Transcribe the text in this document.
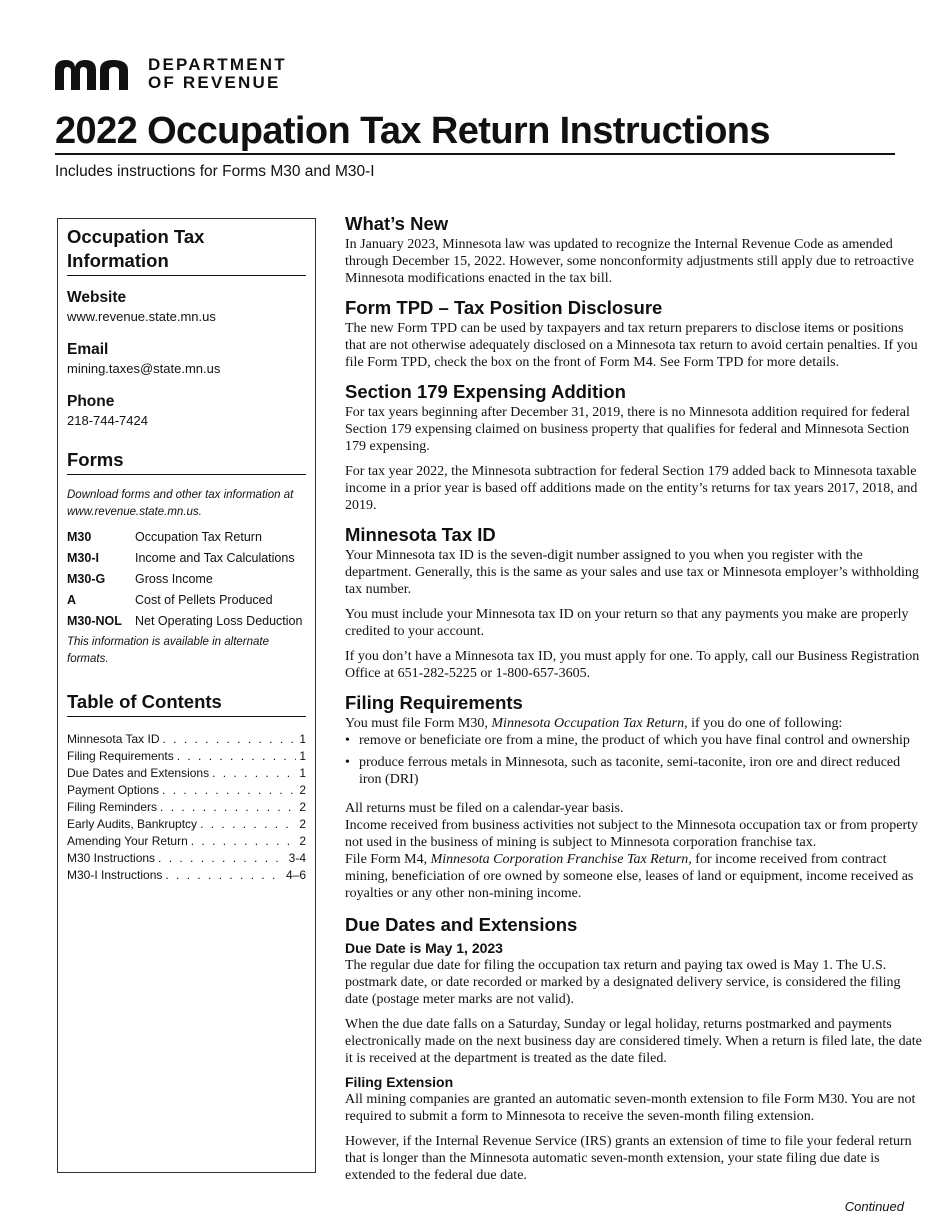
DEPARTMENT
OF REVENUE
2022 Occupation Tax Return Instructions
Includes instructions for Forms M30 and M30-I
Occupation Tax Information
Website
www.revenue.state.mn.us
Email
mining.taxes@state.mn.us
Phone
218-744-7424
Forms
Download forms and other tax information at www.revenue.state.mn.us.
M30	Occupation Tax Return
M30-I	Income and Tax Calculations
M30-G	Gross Income
A	Cost of Pellets Produced
M30-NOL	Net Operating Loss Deduction
This information is available in alternate formats.
Table of Contents
Minnesota Tax ID . . .	1
Filing Requirements . . .	1
Due Dates and Extensions . . .	1
Payment Options . . .	2
Filing Reminders . . .	2
Early Audits, Bankruptcy . . .	2
Amending Your Return . . .	2
M30 Instructions . . .	3-4
M30-I Instructions . . .	4–6
What’s New

In January 2023, Minnesota law was updated to recognize the Internal Revenue Code as amended through December 15, 2022. However, some nonconformity adjustments still apply due to retroactive Minnesota modifications enacted in the tax bill.

Form TPD – Tax Position Disclosure

The new Form TPD can be used by taxpayers and tax return preparers to disclose items or positions that are not otherwise adequately disclosed on a Minnesota tax return to avoid certain penalties. If you file Form TPD, check the box on the front of Form M4. See Form TPD for more details.

Section 179 Expensing Addition

For tax years beginning after December 31, 2019, there is no Minnesota addition required for federal Section 179 expensing claimed on business property that qualifies for federal and Minnesota Section 179 expensing.

For tax year 2022, the Minnesota subtraction for federal Section 179 added back to Minnesota taxable income in a prior year is based off additions made on the entity’s returns for tax years 2017, 2018, and 2019.

Minnesota Tax ID

Your Minnesota tax ID is the seven-digit number assigned to you when you register with the department. Generally, this is the same as your sales and use tax or Minnesota employer’s withholding tax number.

You must include your Minnesota tax ID on your return so that any payments you make are properly credited to your account.

If you don’t have a Minnesota tax ID, you must apply for one. To apply, call our Business Registration Office at 651-282-5225 or 1-800-657-3605.

Filing Requirements

You must file Form M30, Minnesota Occupation Tax Return, if you do one of following:

• remove or beneficiate ore from a mine, the product of which you have final control and ownership
• produce ferrous metals in Minnesota, such as taconite, semi-taconite, iron ore and direct reduced iron (DRI)

All returns must be filed on a calendar-year basis.

Income received from business activities not subject to the Minnesota occupation tax or from property not used in the business of mining is subject to Minnesota corporation franchise tax.

File Form M4, Minnesota Corporation Franchise Tax Return, for income received from contract mining, beneficiation of ore owned by someone else, leases of land or equipment, income received as royalties or any other non-mining income.

Due Dates and Extensions
Due Date is May 1, 2023

The regular due date for filing the occupation tax return and paying tax owed is May 1. The U.S. postmark date, or date recorded or marked by a designated delivery service, is considered the filing date (postage meter marks are not valid).

When the due date falls on a Saturday, Sunday or legal holiday, returns postmarked and payments electronically made on the next business day are considered timely. When a return is filed late, the date it is received at the department is treated as the date filed.

Filing Extension

All mining companies are granted an automatic seven-month extension to file Form M30. You are not required to submit a form to Minnesota to receive the seven-month filing extension.

However, if the Internal Revenue Service (IRS) grants an extension of time to file your federal return that is longer than the Minnesota automatic seven-month extension, your state filing due date is extended to the federal due date.

Continued
